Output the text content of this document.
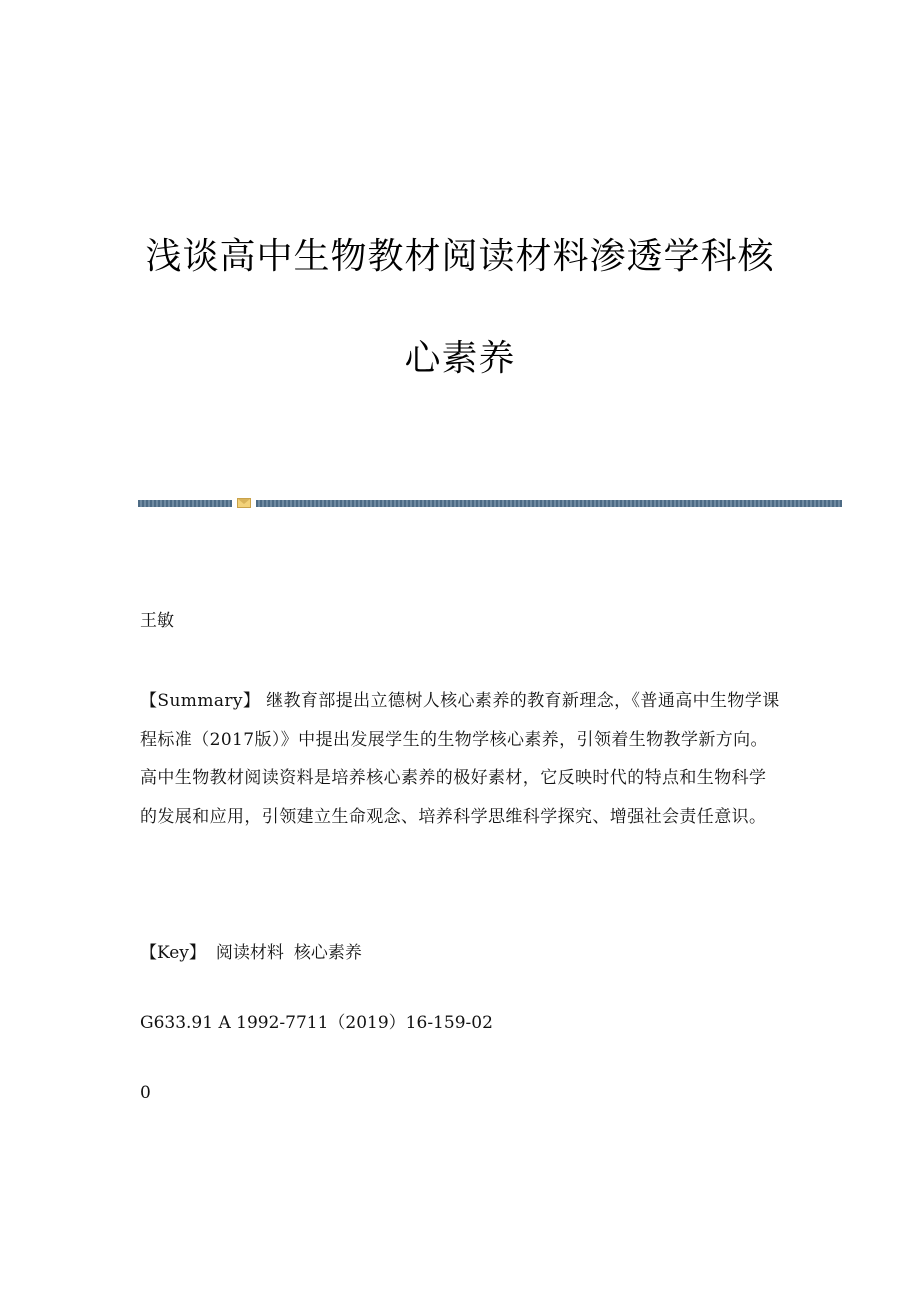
浅谈高中生物教材阅读材料渗透学科核
心素养
王敏
【Summary】 继教育部提出立德树人核心素养的教育新理念，《普通高中生物学课程标准（2017版）》中提出发展学生的生物学核心素养，引领着生物教学新方向。高中生物教材阅读资料是培养核心素养的极好素材，它反映时代的特点和生物科学的发展和应用，引领建立生命观念、培养科学思维科学探究、增强社会责任意识。
【Key】 阅读材料 核心素养
G633.91 A 1992-7711（2019）16-159-02
0
